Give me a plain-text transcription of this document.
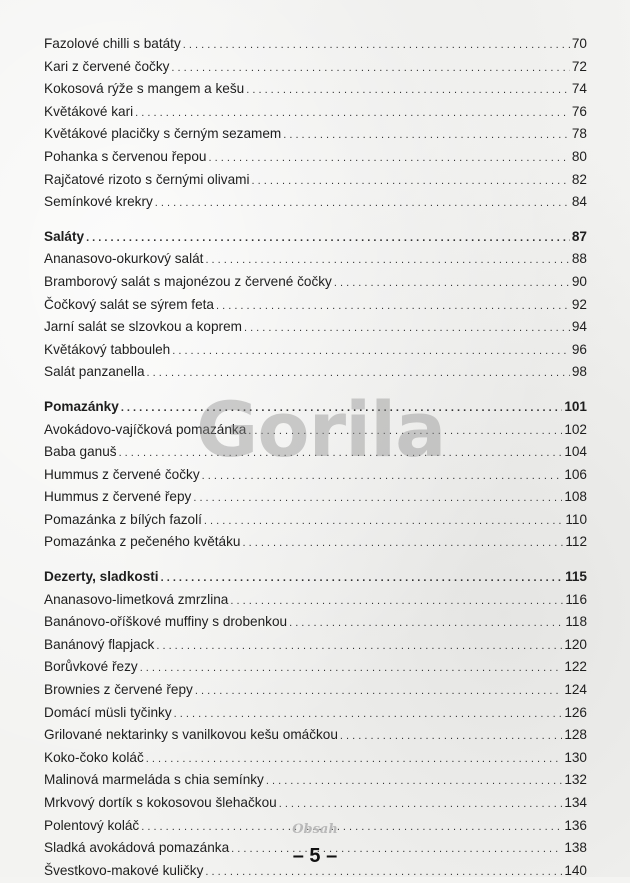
Fazolové chilli s batáty . . .	70
Kari z červené čočky . . .	72
Kokosová rýže s mangem a kešu . . .	74
Květákové kari . . .	76
Květákové placičky s černým sezamem . . .	78
Pohanka s červenou řepou . . .	80
Rajčatové rizoto s černými olivami . . .	82
Semínkové krekry . . .	84
Saláty . . .	87
Ananasovo-okurkový salát . . .	88
Bramborový salát s majonézou z červené čočky . . .	90
Čočkový salát se sýrem feta . . .	92
Jarní salát se slzovkou a koprem . . .	94
Květákový tabbouleh . . .	96
Salát panzanella . . .	98
Pomazánky . . .	101
Avokádovo-vajíčková pomazánka . . .	102
Baba ganuš . . .	104
Hummus z červené čočky . . .	106
Hummus z červené řepy . . .	108
Pomazánka z bílých fazolí . . .	110
Pomazánka z pečeného květáku . . .	112
Dezerty, sladkosti . . .	115
Ananasovo-limetková zmrzlina . . .	116
Banánovo-oříškové muffiny s drobenkou . . .	118
Banánový flapjack . . .	120
Borůvkové řezy . . .	122
Brownies z červené řepy . . .	124
Domácí müsli tyčinky . . .	126
Grilované nektarinky s vanilkovou kešu omáčkou . . .	128
Koko-čoko koláč . . .	130
Malinová marmeláda s chia semínky . . .	132
Mrkvový dortík s kokosovou šlehačkou . . .	134
Polentový koláč . . .	136
Sladká avokádová pomazánka . . .	138
Švestkovo-makové kuličky . . .	140
Gorila
Obsah
– 5 –
